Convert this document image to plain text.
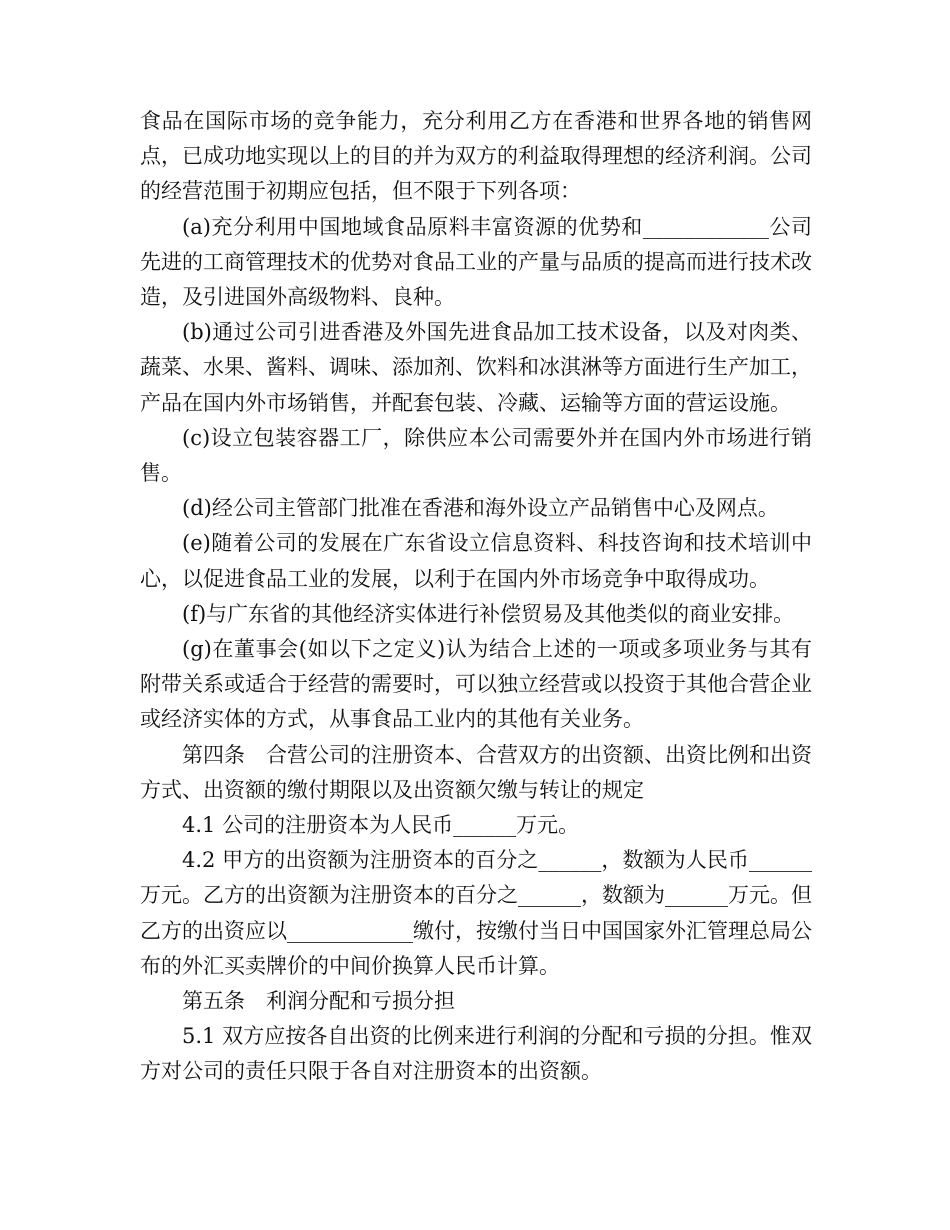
食品在国际市场的竞争能力，充分利用乙方在香港和世界各地的销售网点，已成功地实现以上的目的并为双方的利益取得理想的经济利润。公司的经营范围于初期应包括，但不限于下列各项：

(a)充分利用中国地域食品原料丰富资源的优势和____________公司先进的工商管理技术的优势对食品工业的产量与品质的提高而进行技术改造，及引进国外高级物料、良种。

(b)通过公司引进香港及外国先进食品加工技术设备，以及对肉类、蔬菜、水果、酱料、调味、添加剂、饮料和冰淇淋等方面进行生产加工，产品在国内外市场销售，并配套包装、冷藏、运输等方面的营运设施。

(c)设立包装容器工厂，除供应本公司需要外并在国内外市场进行销售。

(d)经公司主管部门批准在香港和海外设立产品销售中心及网点。

(e)随着公司的发展在广东省设立信息资料、科技咨询和技术培训中心，以促进食品工业的发展，以利于在国内外市场竞争中取得成功。

(f)与广东省的其他经济实体进行补偿贸易及其他类似的商业安排。

(g)在董事会(如以下之定义)认为结合上述的一项或多项业务与其有附带关系或适合于经营的需要时，可以独立经营或以投资于其他合营企业或经济实体的方式，从事食品工业内的其他有关业务。

第四条　合营公司的注册资本、合营双方的出资额、出资比例和出资方式、出资额的缴付期限以及出资额欠缴与转让的规定

4.1 公司的注册资本为人民币______万元。

4.2 甲方的出资额为注册资本的百分之______，数额为人民币______万元。乙方的出资额为注册资本的百分之______，数额为______万元。但乙方的出资应以____________缴付，按缴付当日中国国家外汇管理总局公布的外汇买卖牌价的中间价换算人民币计算。

第五条　利润分配和亏损分担

5.1 双方应按各自出资的比例来进行利润的分配和亏损的分担。惟双方对公司的责任只限于各自对注册资本的出资额。
